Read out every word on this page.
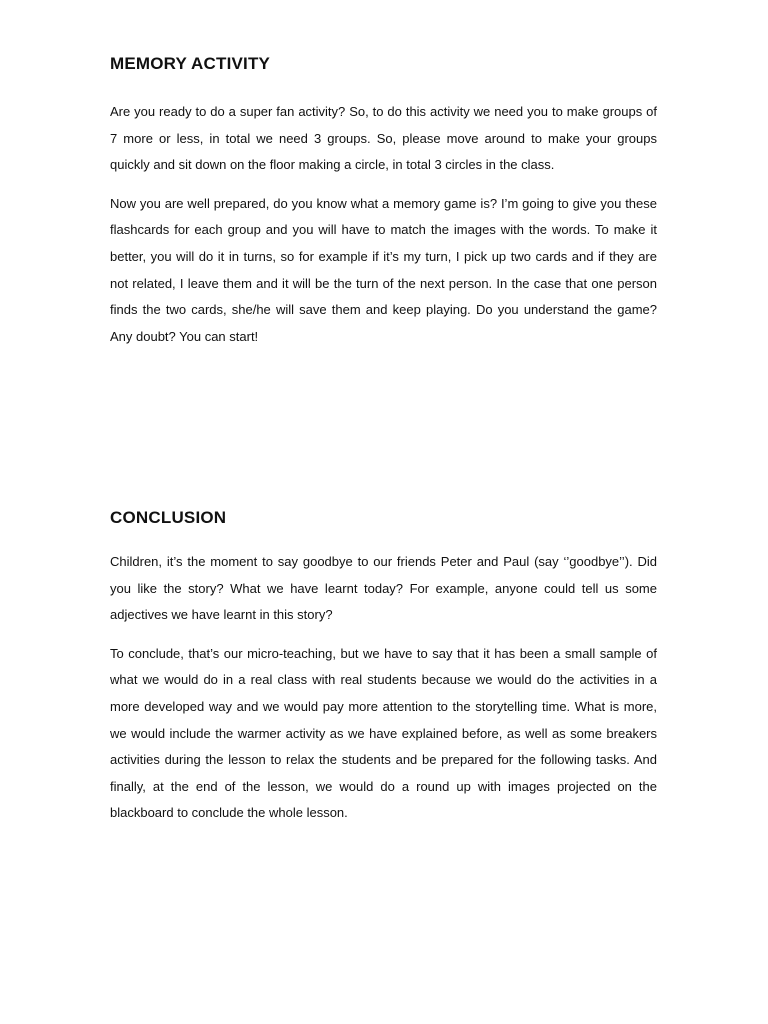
MEMORY ACTIVITY

Are you ready to do a super fan activity? So, to do this activity we need you to make groups of 7 more or less, in total we need 3 groups. So, please move around to make your groups quickly and sit down on the floor making a circle, in total 3 circles in the class.

Now you are well prepared, do you know what a memory game is? I’m going to give you these flashcards for each group and you will have to match the images with the words. To make it better, you will do it in turns, so for example if it’s my turn, I pick up two cards and if they are not related, I leave them and it will be the turn of the next person. In the case that one person finds the two cards, she/he will save them and keep playing. Do you understand the game? Any doubt? You can start!

CONCLUSION

Children, it’s the moment to say goodbye to our friends Peter and Paul (say ‘’goodbye’’). Did you like the story? What we have learnt today? For example, anyone could tell us some adjectives we have learnt in this story?

To conclude, that’s our micro-teaching, but we have to say that it has been a small sample of what we would do in a real class with real students because we would do the activities in a more developed way and we would pay more attention to the storytelling time. What is more, we would include the warmer activity as we have explained before, as well as some breakers activities during the lesson to relax the students and be prepared for the following tasks. And finally, at the end of the lesson, we would do a round up with images projected on the blackboard to conclude the whole lesson.
